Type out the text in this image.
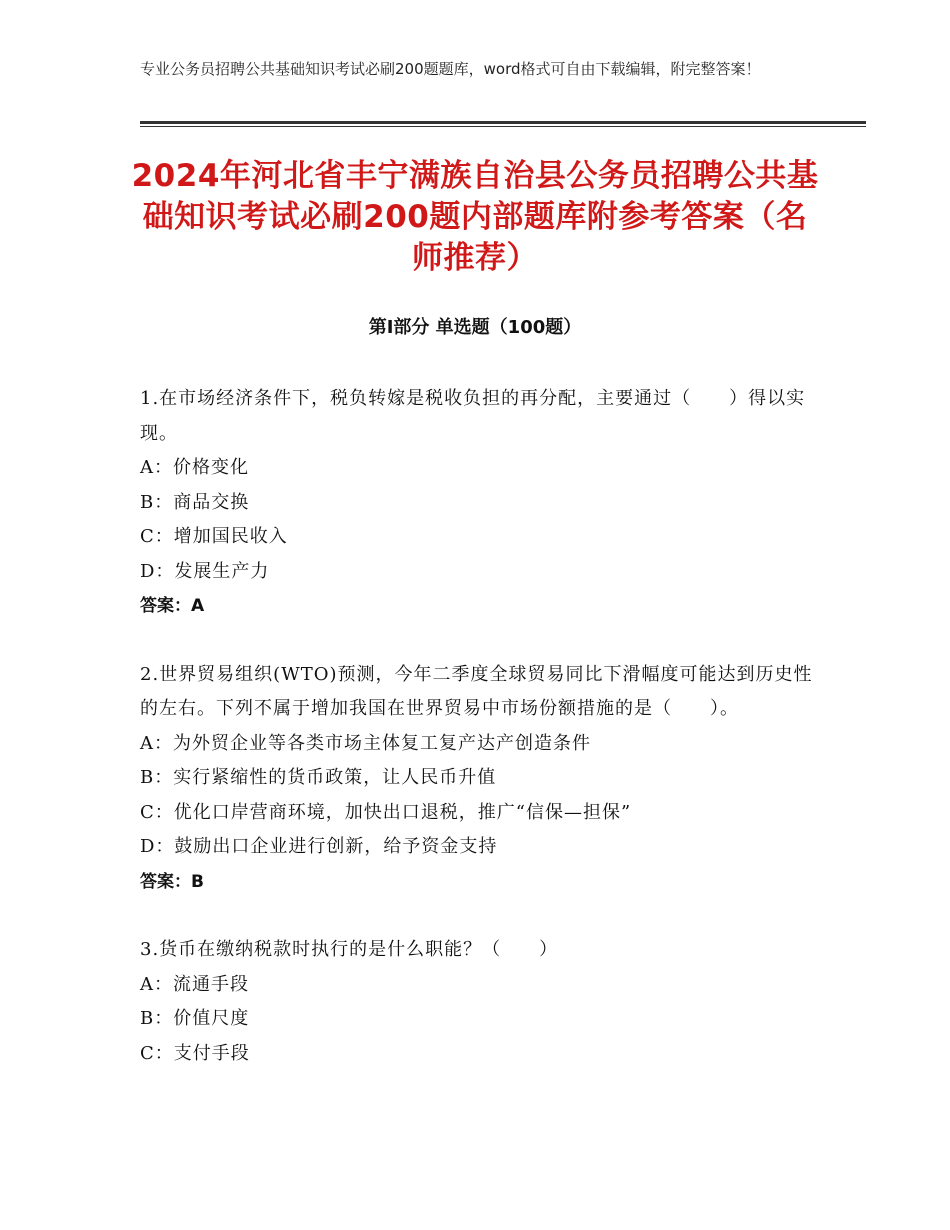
专业公务员招聘公共基础知识考试必刷200题题库，word格式可自由下载编辑，附完整答案！
2024年河北省丰宁满族自治县公务员招聘公共基础知识考试必刷200题内部题库附参考答案（名师推荐）
第Ⅰ部分 单选题（100题）
1.在市场经济条件下，税负转嫁是税收负担的再分配，主要通过（　　）得以实现。
A：价格变化
B：商品交换
C：增加国民收入
D：发展生产力
答案：A
2.世界贸易组织(WTO)预测，今年二季度全球贸易同比下滑幅度可能达到历史性的左右。下列不属于增加我国在世界贸易中市场份额措施的是（　　）。
A：为外贸企业等各类市场主体复工复产达产创造条件
B：实行紧缩性的货币政策，让人民币升值
C：优化口岸营商环境，加快出口退税，推广“信保—担保”
D：鼓励出口企业进行创新，给予资金支持
答案：B
3.货币在缴纳税款时执行的是什么职能？（　　）
A：流通手段
B：价值尺度
C：支付手段
